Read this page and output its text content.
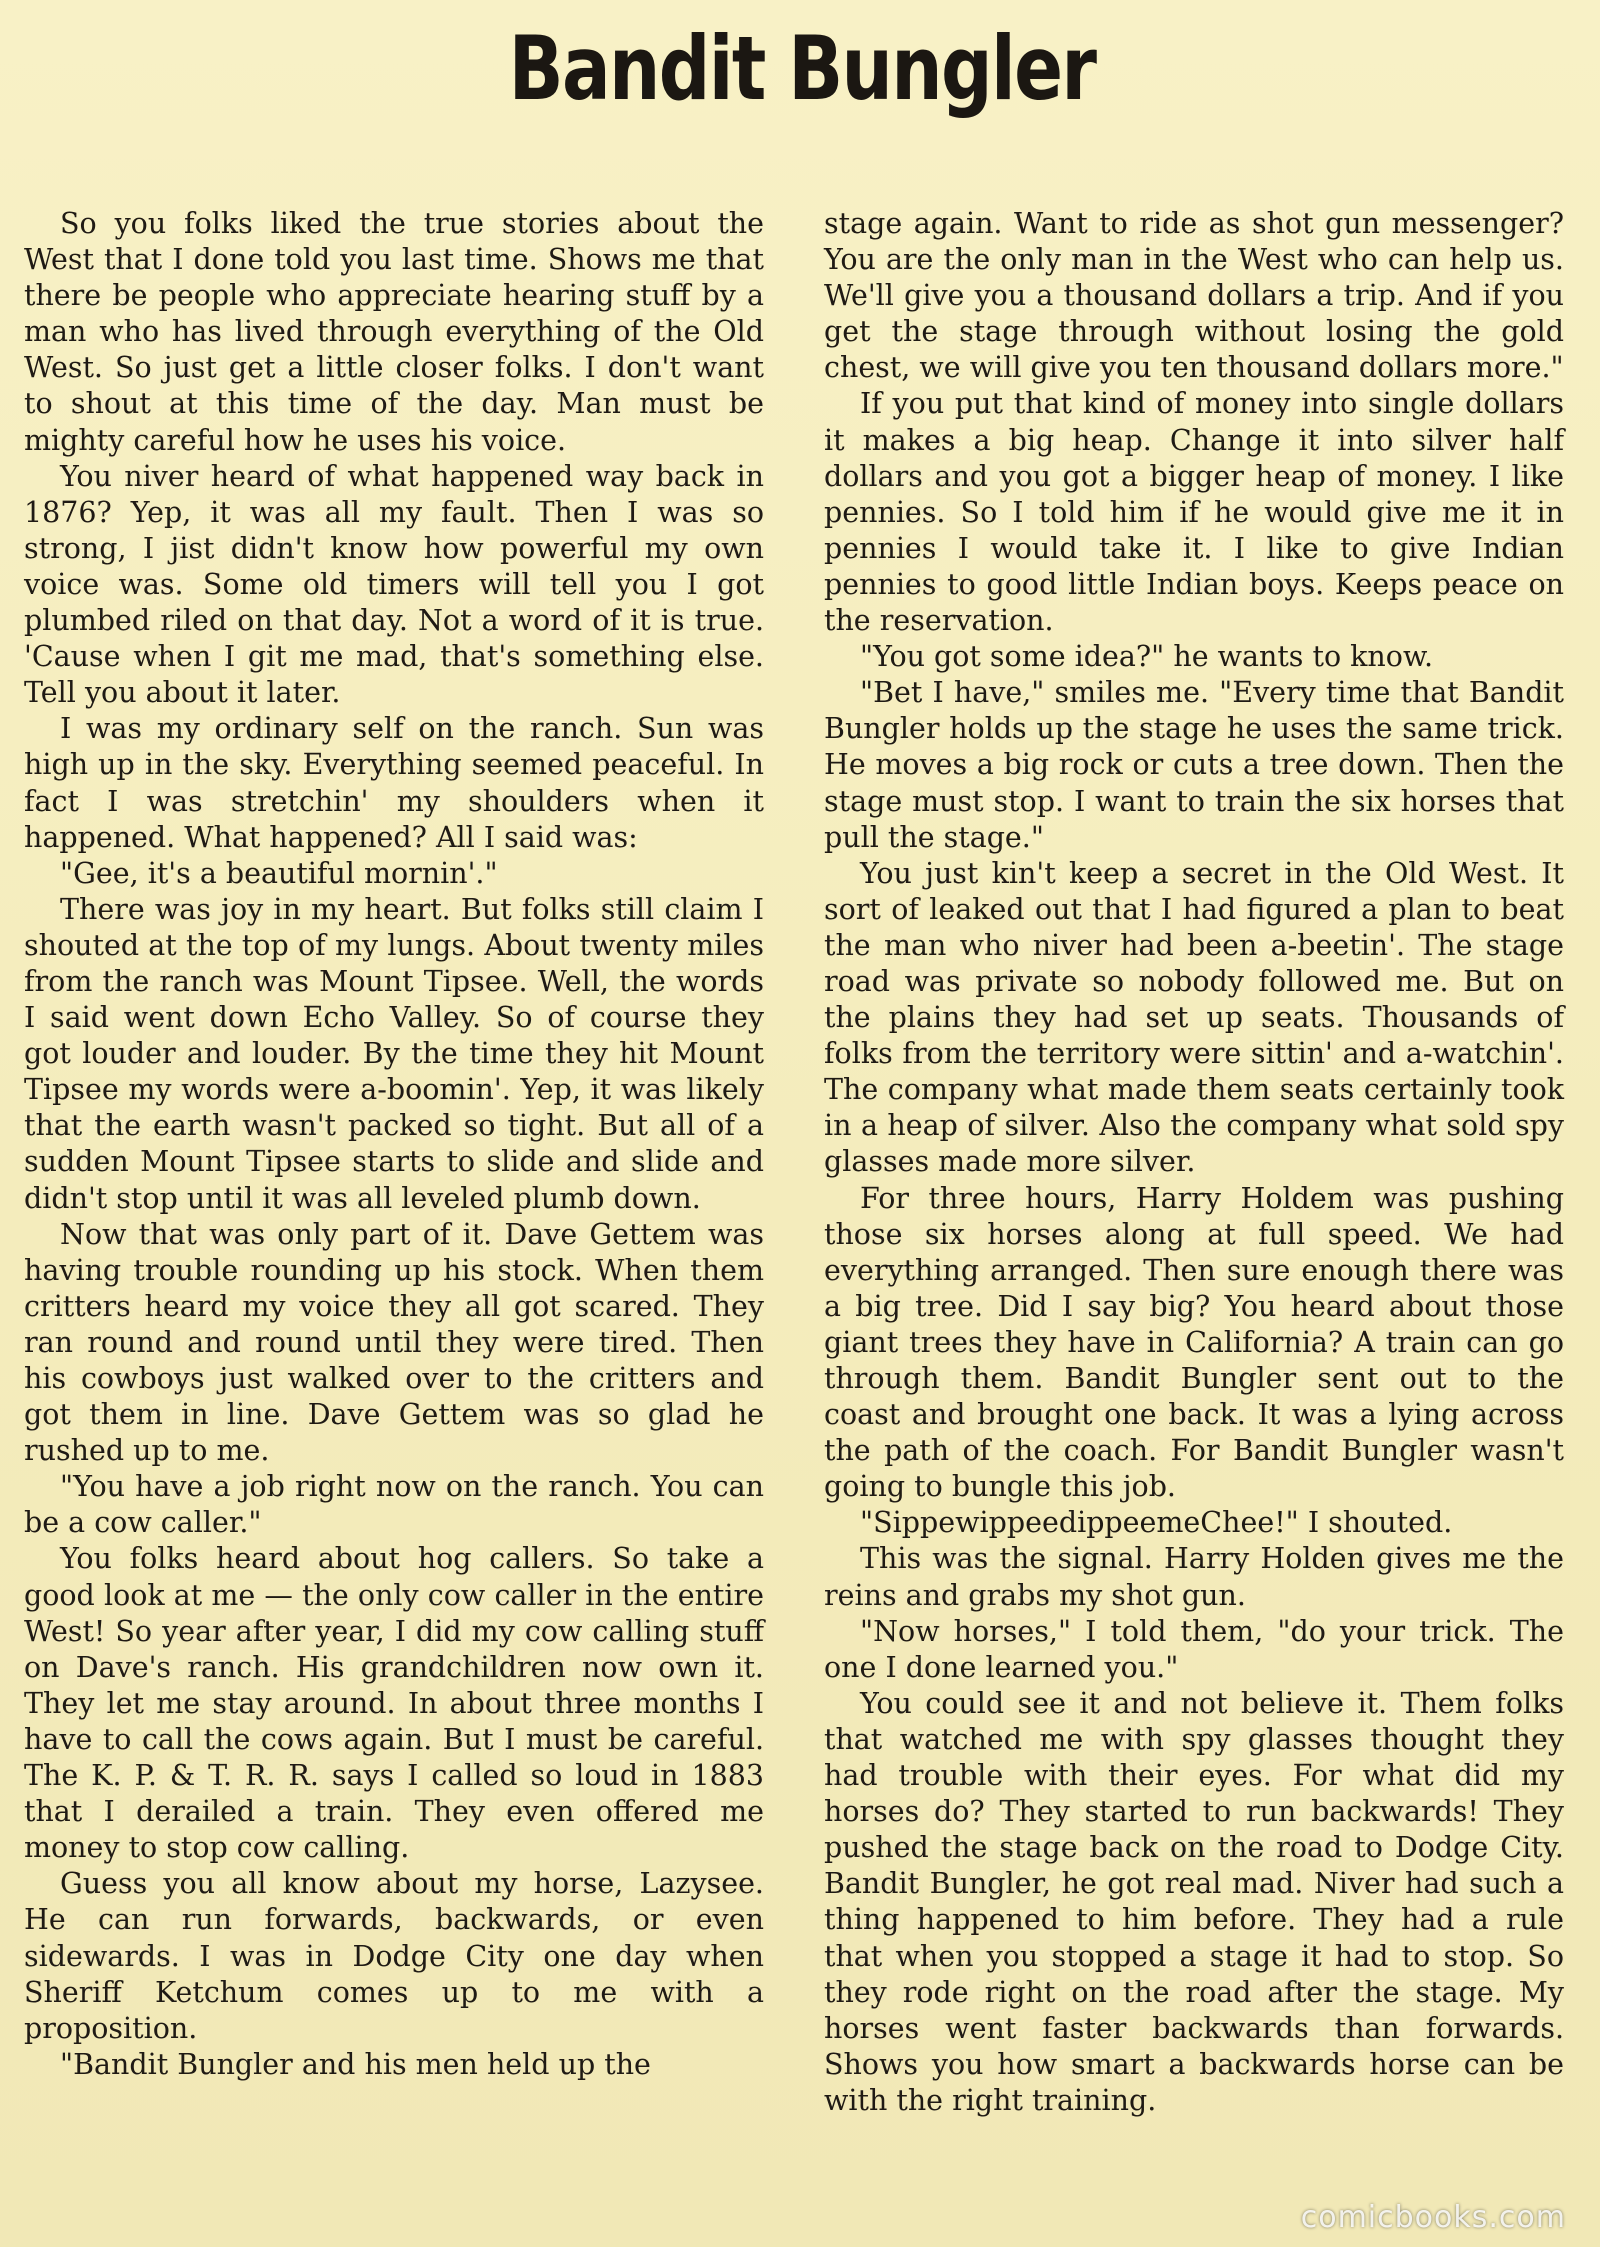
Bandit Bungler

So you folks liked the true stories about the West that I done told you last time. Shows me that there be people who appreciate hearing stuff by a man who has lived through everything of the Old West. So just get a little closer folks. I don't want to shout at this time of the day. Man must be mighty careful how he uses his voice.

You niver heard of what happened way back in 1876? Yep, it was all my fault. Then I was so strong, I jist didn't know how powerful my own voice was. Some old timers will tell you I got plumbed riled on that day. Not a word of it is true. 'Cause when I git me mad, that's something else. Tell you about it later.

I was my ordinary self on the ranch. Sun was high up in the sky. Everything seemed peaceful. In fact I was stretchin' my shoulders when it happened. What happened? All I said was:

"Gee, it's a beautiful mornin'."

There was joy in my heart. But folks still claim I shouted at the top of my lungs. About twenty miles from the ranch was Mount Tipsee. Well, the words I said went down Echo Valley. So of course they got louder and louder. By the time they hit Mount Tipsee my words were a-boomin'. Yep, it was likely that the earth wasn't packed so tight. But all of a sudden Mount Tipsee starts to slide and slide and didn't stop until it was all leveled plumb down.

Now that was only part of it. Dave Gettem was having trouble rounding up his stock. When them critters heard my voice they all got scared. They ran round and round until they were tired. Then his cowboys just walked over to the critters and got them in line. Dave Gettem was so glad he rushed up to me.

"You have a job right now on the ranch. You can be a cow caller."

You folks heard about hog callers. So take a good look at me — the only cow caller in the entire West! So year after year, I did my cow calling stuff on Dave's ranch. His grandchildren now own it. They let me stay around. In about three months I have to call the cows again. But I must be careful. The K. P. & T. R. R. says I called so loud in 1883 that I derailed a train. They even offered me money to stop cow calling.

Guess you all know about my horse, Lazysee. He can run forwards, backwards, or even sidewards. I was in Dodge City one day when Sheriff Ketchum comes up to me with a proposition.

"Bandit Bungler and his men held up the

stage again. Want to ride as shot gun messenger? You are the only man in the West who can help us. We'll give you a thousand dollars a trip. And if you get the stage through without losing the gold chest, we will give you ten thousand dollars more."

If you put that kind of money into single dollars it makes a big heap. Change it into silver half dollars and you got a bigger heap of money. I like pennies. So I told him if he would give me it in pennies I would take it. I like to give Indian pennies to good little Indian boys. Keeps peace on the reservation.

"You got some idea?" he wants to know.

"Bet I have," smiles me. "Every time that Bandit Bungler holds up the stage he uses the same trick. He moves a big rock or cuts a tree down. Then the stage must stop. I want to train the six horses that pull the stage."

You just kin't keep a secret in the Old West. It sort of leaked out that I had figured a plan to beat the man who niver had been a-beetin'. The stage road was private so nobody followed me. But on the plains they had set up seats. Thousands of folks from the territory were sittin' and a-watchin'. The company what made them seats certainly took in a heap of silver. Also the company what sold spy glasses made more silver.

For three hours, Harry Holdem was pushing those six horses along at full speed. We had everything arranged. Then sure enough there was a big tree. Did I say big? You heard about those giant trees they have in California? A train can go through them. Bandit Bungler sent out to the coast and brought one back. It was a lying across the path of the coach. For Bandit Bungler wasn't going to bungle this job.

"SippewippeedippeemeChee!" I shouted.

This was the signal. Harry Holden gives me the reins and grabs my shot gun.

"Now horses," I told them, "do your trick. The one I done learned you."

You could see it and not believe it. Them folks that watched me with spy glasses thought they had trouble with their eyes. For what did my horses do? They started to run backwards! They pushed the stage back on the road to Dodge City. Bandit Bungler, he got real mad. Niver had such a thing happened to him before. They had a rule that when you stopped a stage it had to stop. So they rode right on the road after the stage. My horses went faster backwards than forwards. Shows you how smart a backwards horse can be with the right training.

comicbooks.com
